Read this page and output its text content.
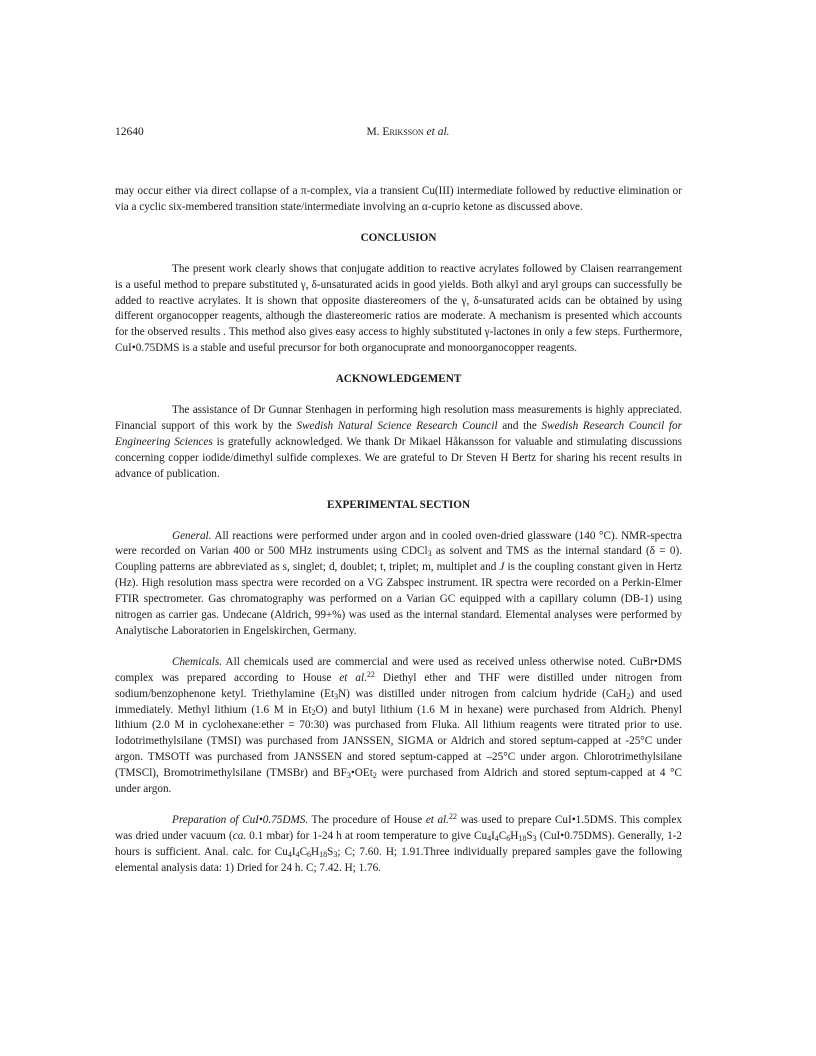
12640	M. Eriksson et al.

may occur either via direct collapse of a π-complex, via a transient Cu(III) intermediate followed by reductive elimination or via a cyclic six-membered transition state/intermediate involving an α-cuprio ketone as discussed above.

CONCLUSION

The present work clearly shows that conjugate addition to reactive acrylates followed by Claisen rearrangement is a useful method to prepare substituted γ, δ-unsaturated acids in good yields. Both alkyl and aryl groups can successfully be added to reactive acrylates. It is shown that opposite diastereomers of the γ, δ-unsaturated acids can be obtained by using different organocopper reagents, although the diastereomeric ratios are moderate. A mechanism is presented which accounts for the observed results . This method also gives easy access to highly substituted γ-lactones in only a few steps. Furthermore, CuI•0.75DMS is a stable and useful precursor for both organocuprate and monoorganocopper reagents.

ACKNOWLEDGEMENT

The assistance of Dr Gunnar Stenhagen in performing high resolution mass measurements is highly appreciated. Financial support of this work by the Swedish Natural Science Research Council and the Swedish Research Council for Engineering Sciences is gratefully acknowledged. We thank Dr Mikael Håkansson for valuable and stimulating discussions concerning copper iodide/dimethyl sulfide complexes. We are grateful to Dr Steven H Bertz for sharing his recent results in advance of publication.

EXPERIMENTAL SECTION

General. All reactions were performed under argon and in cooled oven-dried glassware (140 °C). NMR-spectra were recorded on Varian 400 or 500 MHz instruments using CDCl$_3$ as solvent and TMS as the internal standard (δ = 0). Coupling patterns are abbreviated as s, singlet; d, doublet; t, triplet; m, multiplet and J is the coupling constant given in Hertz (Hz). High resolution mass spectra were recorded on a VG Zabspec instrument. IR spectra were recorded on a Perkin-Elmer FTIR spectrometer. Gas chromatography was performed on a Varian GC equipped with a capillary column (DB-1) using nitrogen as carrier gas. Undecane (Aldrich, 99+%) was used as the internal standard. Elemental analyses were performed by Analytische Laboratorien in Engelskirchen, Germany.

Chemicals. All chemicals used are commercial and were used as received unless otherwise noted. CuBr•DMS complex was prepared according to House et al.$^{22}$ Diethyl ether and THF were distilled under nitrogen from sodium/benzophenone ketyl. Triethylamine $(Et_3N)$ was distilled under nitrogen from calcium hydride (CaH$_2$) and used immediately. Methyl lithium (1.6 M in $Et_2O$) and butyl lithium (1.6 M in hexane) were purchased from Aldrich. Phenyl lithium (2.0 M in cyclohexane:ether = 70:30) was purchased from Fluka. All lithium reagents were titrated prior to use. Iodotrimethylsilane (TMSI) was purchased from JANSSEN, SIGMA or Aldrich and stored septum-capped at -25°C under argon. TMSOTf was purchased from JANSSEN and stored septum-capped at –25°C under argon. Chlorotrimethylsilane (TMSCl), Bromotrimethylsilane (TMSBr) and $BF_3•OEt_2$ were purchased from Aldrich and stored septum-capped at 4 °C under argon.

Preparation of CuI•0.75DMS. The procedure of House et al.$^{22}$ was used to prepare CuI•1.5DMS. This complex was dried under vacuum (ca. 0.1 mbar) for 1-24 h at room temperature to give $Cu_4I_4C_6H_{18}S_3$ (CuI•0.75DMS). Generally, 1-2 hours is sufficient. Anal. calc. for $Cu_4I_4C_6H_{18}S_3$; C; 7.60. H; 1.91.Three individually prepared samples gave the following elemental analysis data: 1) Dried for 24 h. C; 7.42. H; 1.76.
